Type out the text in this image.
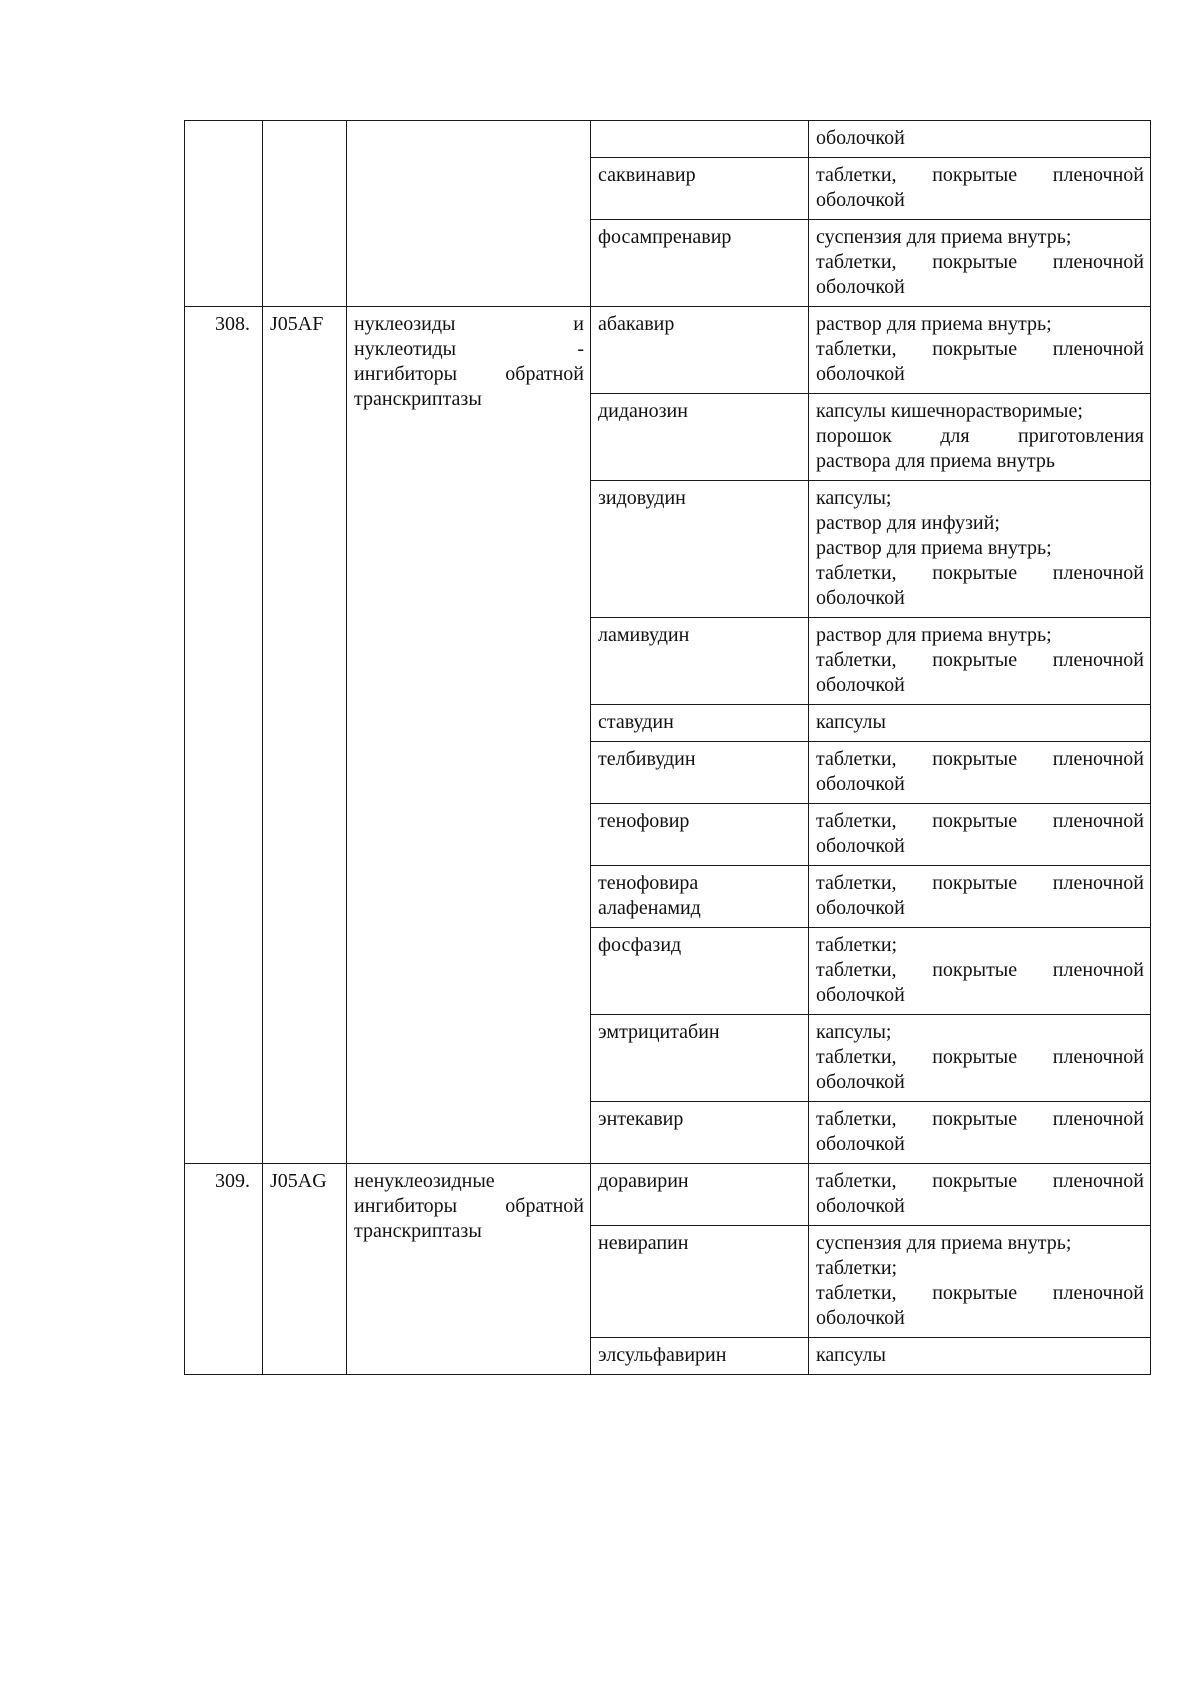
				оболочкой

			саквинавир	таблетки, покрытые пленочной
оболочкой

			фосампренавир	суспензия для приема внутрь;
таблетки, покрытые пленочной
оболочкой

308.	J05AF	нуклеозиды и
нуклеотиды -
ингибиторы обратной
транскриптазы	абакавир	раствор для приема внутрь;
таблетки, покрытые пленочной
оболочкой

			диданозин	капсулы кишечнорастворимые;
порошок для приготовления
раствора для приема внутрь

			зидовудин	капсулы;
раствор для инфузий;
раствор для приема внутрь;
таблетки, покрытые пленочной
оболочкой

			ламивудин	раствор для приема внутрь;
таблетки, покрытые пленочной
оболочкой

			ставудин	капсулы

			телбивудин	таблетки, покрытые пленочной
оболочкой

			тенофовир	таблетки, покрытые пленочной
оболочкой

			тенофовира алафенамид	таблетки, покрытые пленочной
оболочкой

			фосфазид	таблетки;
таблетки, покрытые пленочной
оболочкой

			эмтрицитабин	капсулы;
таблетки, покрытые пленочной
оболочкой

			энтекавир	таблетки, покрытые пленочной
оболочкой

309.	J05AG	ненуклеозидные
ингибиторы обратной
транскриптазы	доравирин	таблетки, покрытые пленочной
оболочкой

			невирапин	суспензия для приема внутрь;
таблетки;
таблетки, покрытые пленочной
оболочкой

			элсульфавирин	капсулы
